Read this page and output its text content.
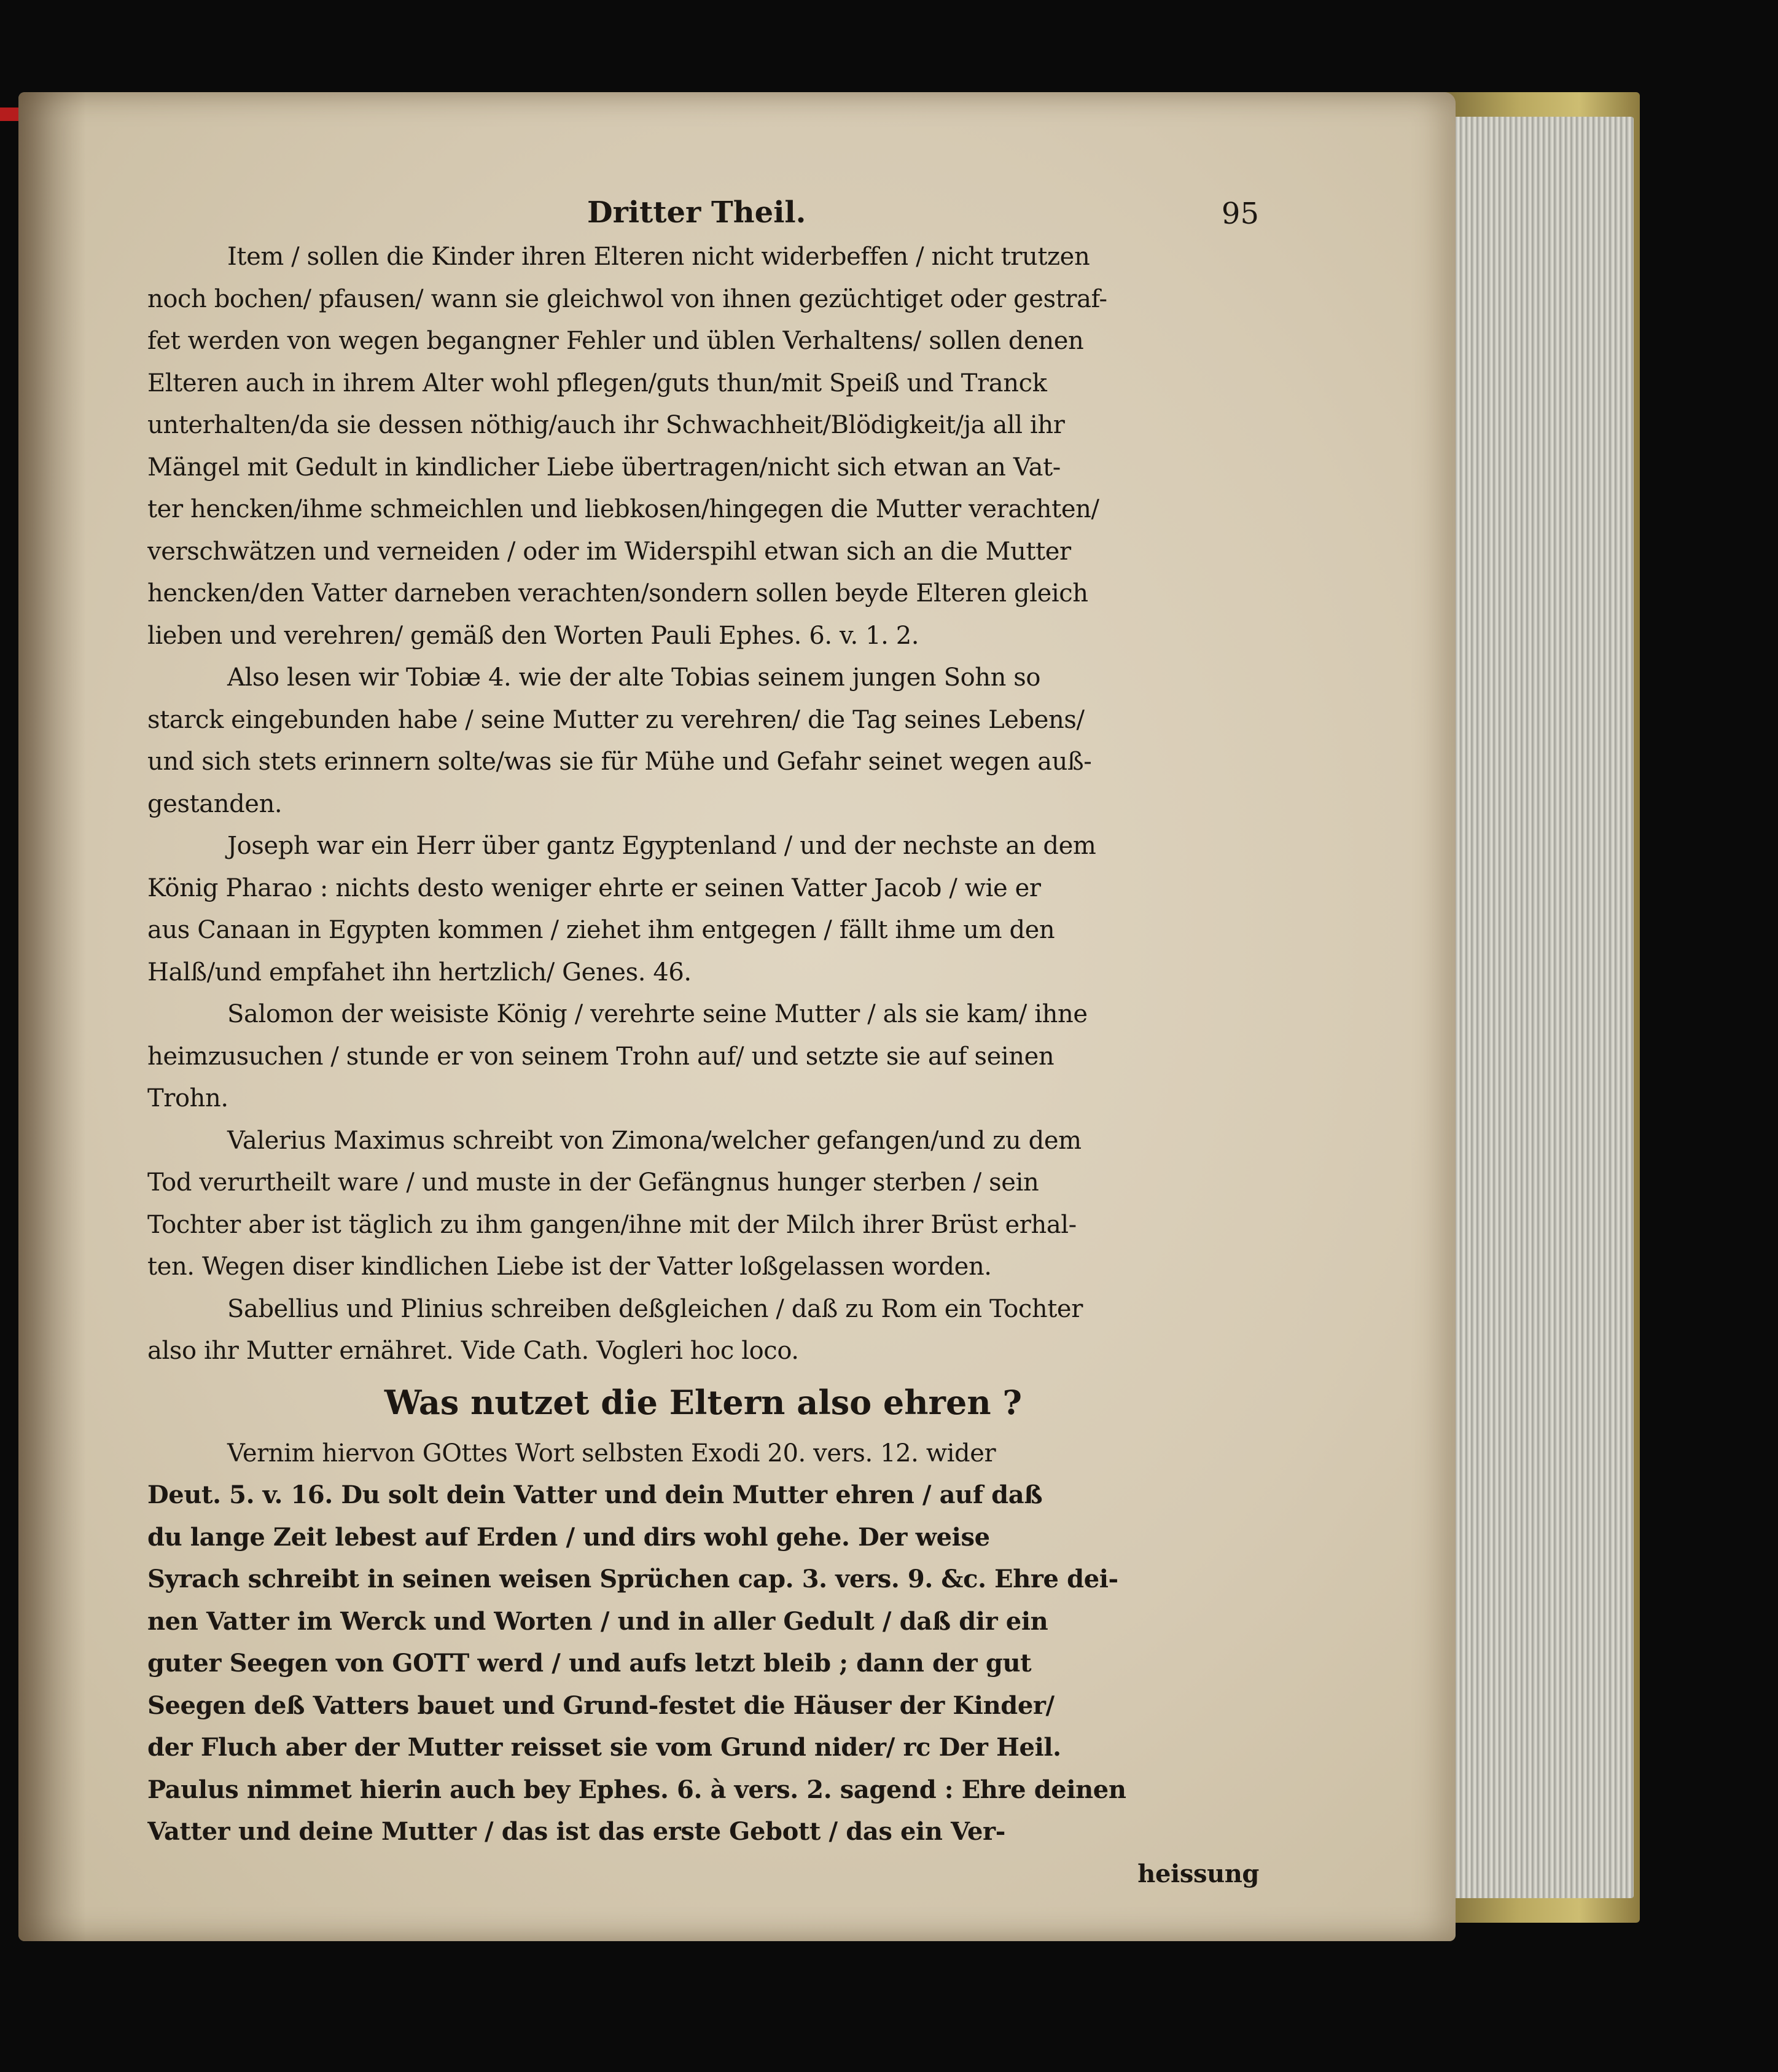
Dritter Theil.	95
Item / sollen die Kinder ihren Elteren nicht widerbeffen / nicht trutzen
noch bochen/ pfausen/ wann sie gleichwol von ihnen gezüchtiget oder gestraf-
fet werden von wegen begangner Fehler und üblen Verhaltens/ sollen denen
Elteren auch in ihrem Alter wohl pflegen/guts thun/mit Speiß und Tranck
unterhalten/da sie dessen nöthig/auch ihr Schwachheit/Blödigkeit/ja all ihr
Mängel mit Gedult in kindlicher Liebe übertragen/nicht sich etwan an Vat-
ter hencken/ihme schmeichlen und liebkosen/hingegen die Mutter verachten/
verschwätzen und verneiden / oder im Widerspihl etwan sich an die Mutter
hencken/den Vatter darneben verachten/sondern sollen beyde Elteren gleich
lieben und verehren/ gemäß den Worten Pauli Ephes. 6. v. 1. 2.
Also lesen wir Tobiæ 4. wie der alte Tobias seinem jungen Sohn so
starck eingebunden habe / seine Mutter zu verehren/ die Tag seines Lebens/
und sich stets erinnern solte/was sie für Mühe und Gefahr seinet wegen auß-
gestanden.
Joseph war ein Herr über gantz Egyptenland / und der nechste an dem
König Pharao : nichts desto weniger ehrte er seinen Vatter Jacob / wie er
aus Canaan in Egypten kommen / ziehet ihm entgegen / fällt ihme um den
Halß/und empfahet ihn hertzlich/ Genes. 46.
Salomon der weisiste König / verehrte seine Mutter / als sie kam/ ihne
heimzusuchen / stunde er von seinem Trohn auf/ und setzte sie auf seinen
Trohn.
Valerius Maximus schreibt von Zimona/welcher gefangen/und zu dem
Tod verurtheilt ware / und muste in der Gefängnus hunger sterben / sein
Tochter aber ist täglich zu ihm gangen/ihne mit der Milch ihrer Brüst erhal-
ten. Wegen diser kindlichen Liebe ist der Vatter loßgelassen worden.
Sabellius und Plinius schreiben deßgleichen / daß zu Rom ein Tochter
also ihr Mutter ernähret. Vide Cath. Vogleri hoc loco.
Was nutzet die Eltern also ehren ?
Vernim hiervon GOttes Wort selbsten Exodi 20. vers. 12. wider
Deut. 5. v. 16. Du solt dein Vatter und dein Mutter ehren / auf daß
du lange Zeit lebest auf Erden / und dirs wohl gehe. Der weise
Syrach schreibt in seinen weisen Sprüchen cap. 3. vers. 9. &c. Ehre dei-
nen Vatter im Werck und Worten / und in aller Gedult / daß dir ein
guter Seegen von GOTT werd / und aufs letzt bleib ; dann der gut
Seegen deß Vatters bauet und Grund-festet die Häuser der Kinder/
der Fluch aber der Mutter reisset sie vom Grund nider/ rc Der Heil.
Paulus nimmet hierin auch bey Ephes. 6. à vers. 2. sagend : Ehre deinen
Vatter und deine Mutter / das ist das erste Gebott / das ein Ver-
heissung
